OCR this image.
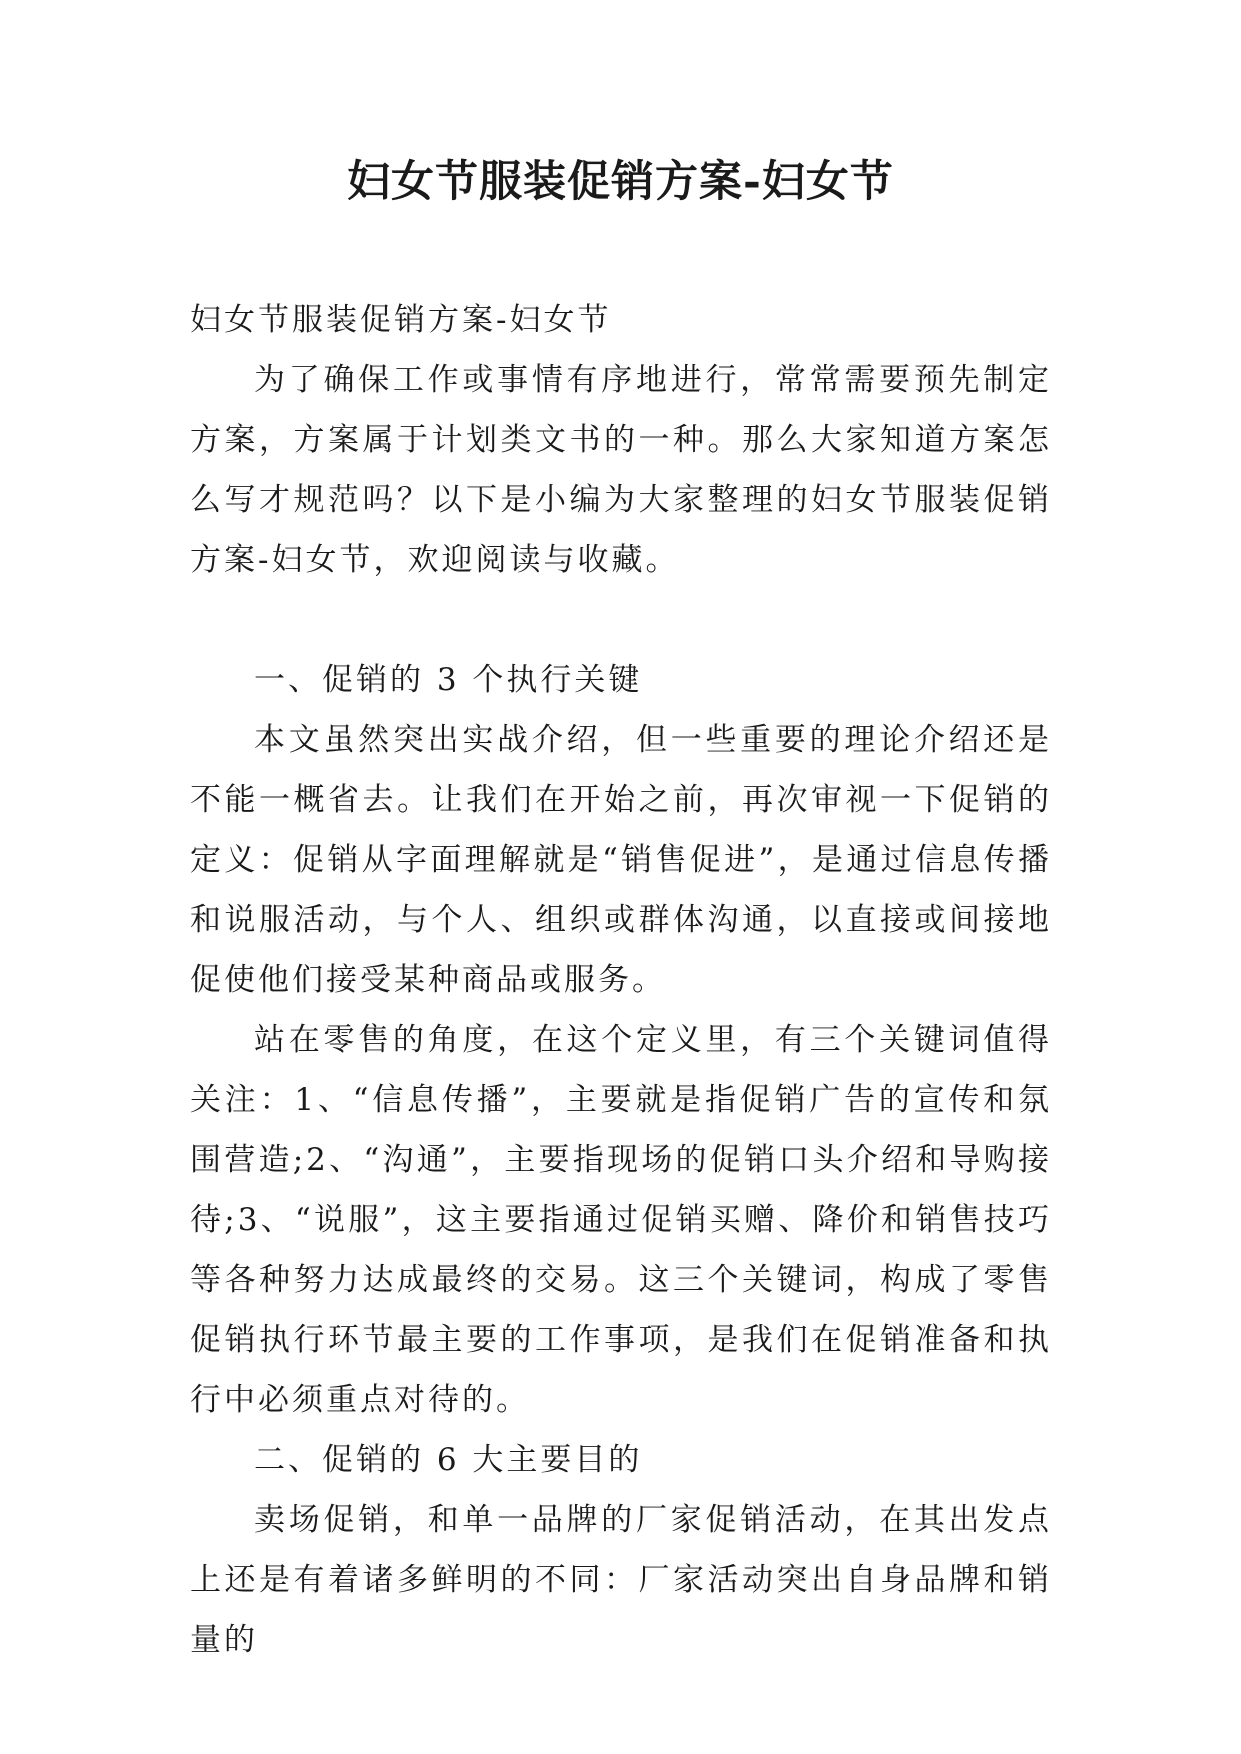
妇女节服装促销方案-妇女节

妇女节服装促销方案-妇女节

为了确保工作或事情有序地进行，常常需要预先制定方案，方案属于计划类文书的一种。那么大家知道方案怎么写才规范吗？以下是小编为大家整理的妇女节服装促销方案-妇女节，欢迎阅读与收藏。

一、促销的 3 个执行关键

本文虽然突出实战介绍，但一些重要的理论介绍还是不能一概省去。让我们在开始之前，再次审视一下促销的定义：促销从字面理解就是“销售促进”，是通过信息传播和说服活动，与个人、组织或群体沟通，以直接或间接地促使他们接受某种商品或服务。

站在零售的角度，在这个定义里，有三个关键词值得关注：1、“信息传播”，主要就是指促销广告的宣传和氛围营造;2、“沟通”，主要指现场的促销口头介绍和导购接待;3、“说服”，这主要指通过促销买赠、降价和销售技巧等各种努力达成最终的交易。这三个关键词，构成了零售促销执行环节最主要的工作事项，是我们在促销准备和执行中必须重点对待的。

二、促销的 6 大主要目的

卖场促销，和单一品牌的厂家促销活动，在其出发点上还是有着诸多鲜明的不同：厂家活动突出自身品牌和销量的
